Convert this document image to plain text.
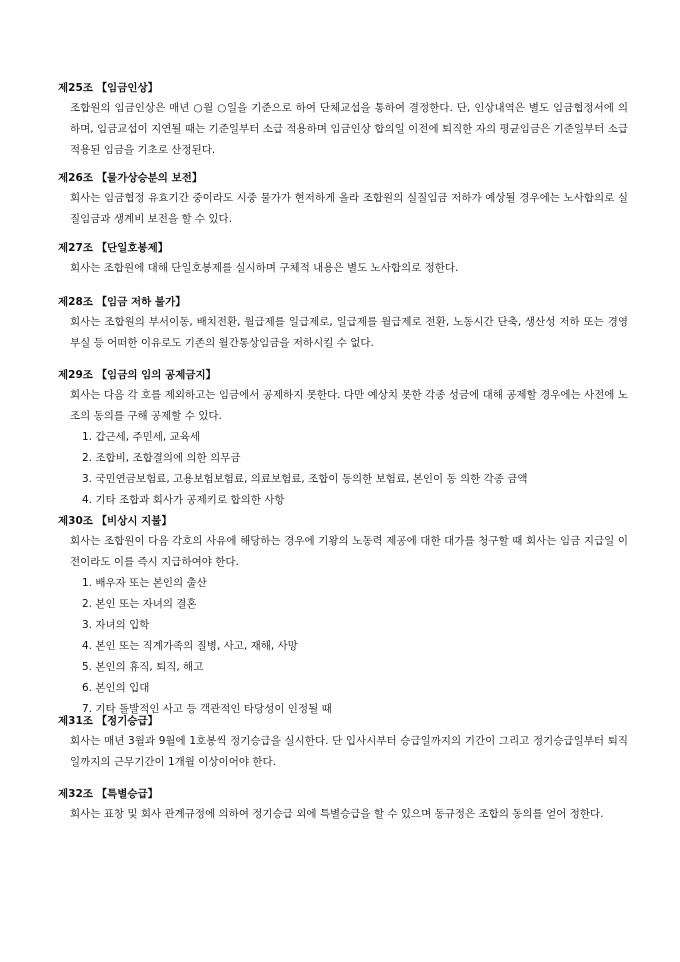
제25조 【임금인상】
조합원의 임금인상은 매년 ○월 ○일을 기준으로 하여 단체교섭을 통하여 결정한다. 단, 인상내역은 별도 임금협정서에 의하며, 임금교섭이 지연될 때는 기준일부터 소급 적용하며 임금인상 합의일 이전에 퇴직한 자의 평균임금은 기준일부터 소급적용된 임금을 기초로 산정된다.
제26조 【물가상승분의 보전】
회사는 임금협정 유효기간 중이라도 시중 물가가 현저하게 올라 조합원의 실질임금 저하가 예상될 경우에는 노사합의로 실질임금과 생계비 보전을 할 수 있다.
제27조 【단일호봉제】
회사는 조합원에 대해 단일호봉제를 실시하며 구체적 내용은 별도 노사합의로 정한다.
제28조 【임금 저하 불가】
회사는 조합원의 부서이동, 배치전환, 월급제를 일급제로, 일급제를 월급제로 전환, 노동시간 단축, 생산성 저하 또는 경영부실 등 어떠한 이유로도 기존의 월간통상임금을 저하시킬 수 없다.
제29조 【임금의 임의 공제금지】
회사는 다음 각 호를 제외하고는 임금에서 공제하지 못한다. 다만 예상치 못한 각종 성금에 대해 공제할 경우에는 사전에 노조의 동의를 구해 공제할 수 있다.
1. 갑근세, 주민세, 교육세
2. 조합비, 조합결의에 의한 의무금
3. 국민연금보험료, 고용보험보험료, 의료보험료, 조합이 동의한 보험료, 본인이 동 의한 각종 금액
4. 기타 조합과 회사가 공제키로 합의한 사항
제30조 【비상시 지불】
회사는 조합원이 다음 각호의 사유에 해당하는 경우에 기왕의 노동력 제공에 대한 대가를 청구할 때 회사는 임금 지급일 이전이라도 이를 즉시 지급하여야 한다.
1. 배우자 또는 본인의 출산
2. 본인 또는 자녀의 결혼
3. 자녀의 입학
4. 본인 또는 직계가족의 질병, 사고, 재해, 사망
5. 본인의 휴직, 퇴직, 해고
6. 본인의 입대
7. 기타 돌발적인 사고 등 객관적인 타당성이 인정될 때
제31조 【정기승급】
회사는 매년 3월과 9월에 1호봉씩 정기승급을 실시한다. 단 입사시부터 승급일까지의 기간이 그리고 정기승급일부터 퇴직일까지의 근무기간이 1개월 이상이어야 한다.
제32조 【특별승급】
회사는 표창 및 회사 관계규정에 의하여 정기승급 외에 특별승급을 할 수 있으며 동규정은 조합의 동의를 얻어 정한다.
